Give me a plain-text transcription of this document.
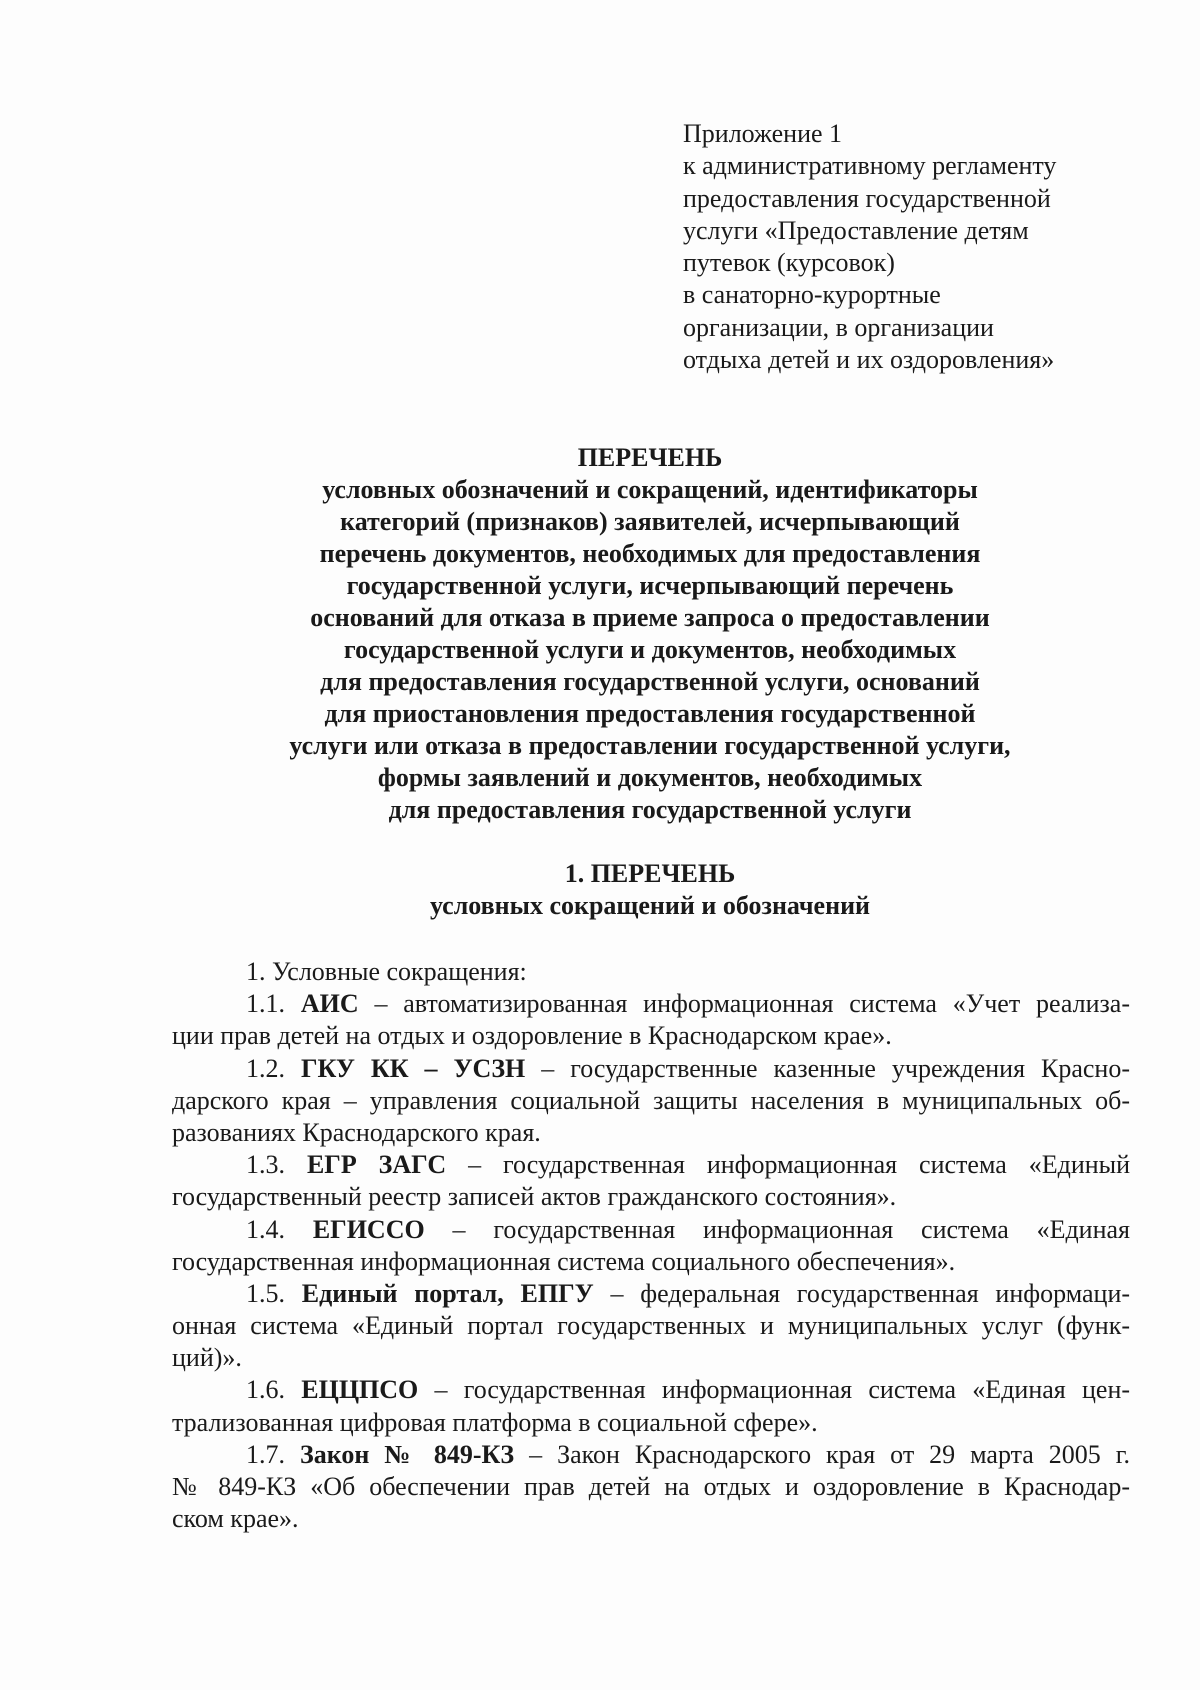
Приложение 1
к административному регламенту
предоставления государственной
услуги «Предоставление детям
путевок (курсовок)
в санаторно-курортные
организации, в организации
отдыха детей и их оздоровления»
ПЕРЕЧЕНЬ
условных обозначений и сокращений, идентификаторы
категорий (признаков) заявителей, исчерпывающий
перечень документов, необходимых для предоставления
государственной услуги, исчерпывающий перечень
оснований для отказа в приеме запроса о предоставлении
государственной услуги и документов, необходимых
для предоставления государственной услуги, оснований
для приостановления предоставления государственной
услуги или отказа в предоставлении государственной услуги,
формы заявлений и документов, необходимых
для предоставления государственной услуги
1. ПЕРЕЧЕНЬ
условных сокращений и обозначений
1. Условные сокращения:
1.1. АИС – автоматизированная информационная система «Учет реализа-
ции прав детей на отдых и оздоровление в Краснодарском крае».
1.2. ГКУ КК – УСЗН – государственные казенные учреждения Красно-
дарского края – управления социальной защиты населения в муниципальных об-
разованиях Краснодарского края.
1.3. ЕГР ЗАГС – государственная информационная система «Единый
государственный реестр записей актов гражданского состояния».
1.4. ЕГИССО – государственная информационная система «Единая
государственная информационная система социального обеспечения».
1.5. Единый портал, ЕПГУ – федеральная государственная информаци-
онная система «Единый портал государственных и муниципальных услуг (функ-
ций)».
1.6. ЕЦЦПСО – государственная информационная система «Единая цен-
трализованная цифровая платформа в социальной сфере».
1.7. Закон № 849-КЗ – Закон Краснодарского края от 29 марта 2005 г.
№ 849-КЗ «Об обеспечении прав детей на отдых и оздоровление в Краснодар-
ском крае».
